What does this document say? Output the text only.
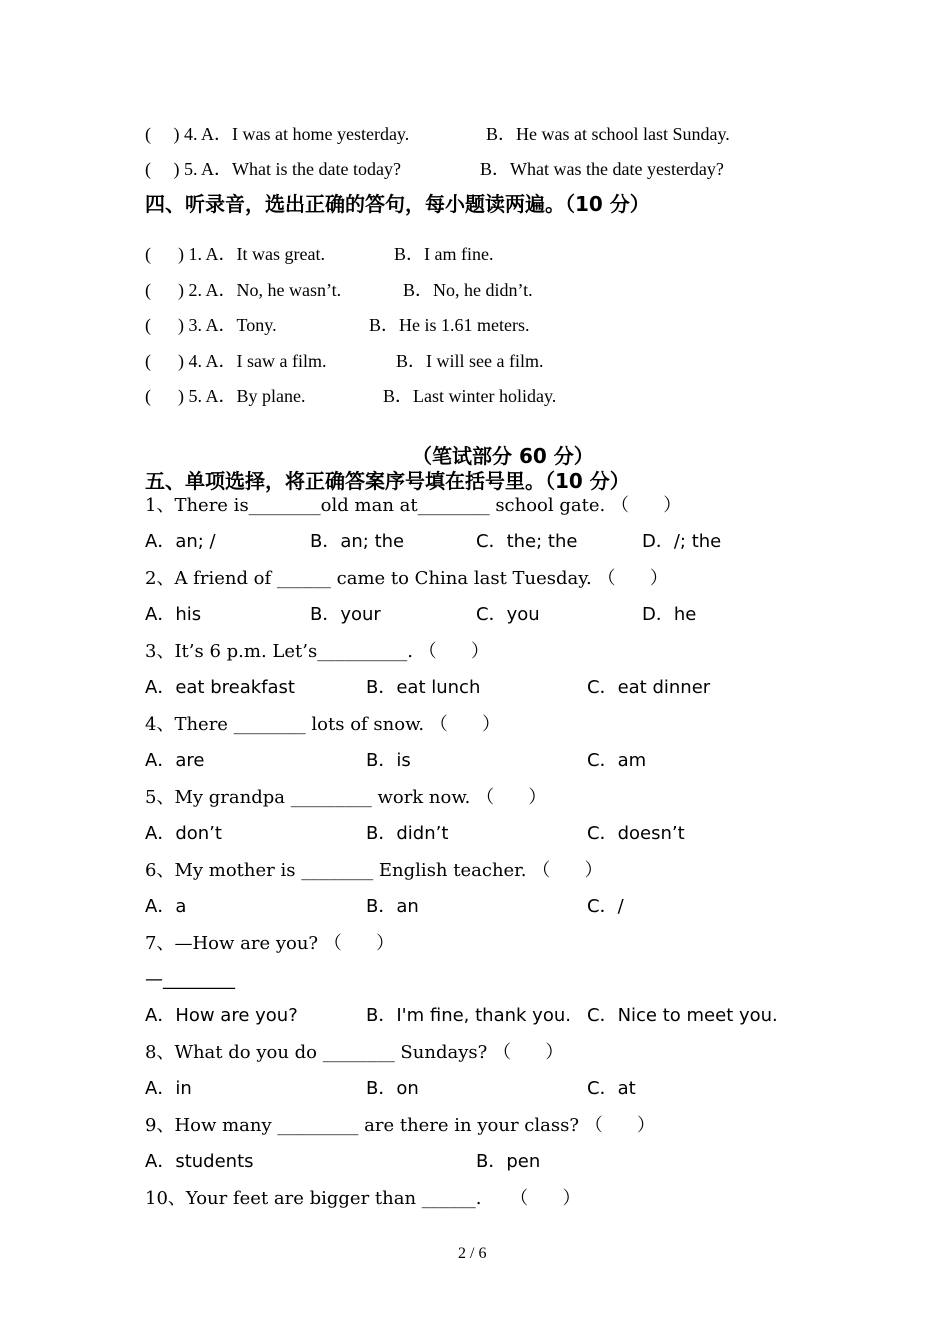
(     ) 4. A．I was at home yesterday.	B．He was at school last Sunday.
(     ) 5. A．What is the date today?	B．What was the date yesterday?
四、听录音，选出正确的答句，每小题读两遍。（10 分）
(      ) 1. A．It was great.	B．I am fine.
(      ) 2. A．No, he wasn’t.	B．No, he didn’t.
(      ) 3. A．Tony.	B．He is 1.61 meters.
(      ) 4. A．I saw a film.	B．I will see a film.
(      ) 5. A．By plane.	B．Last winter holiday.
（笔试部分 60 分）
五、单项选择，将正确答案序号填在括号里。（10 分）
1、There is________old man at________ school gate. （      ）
A．an; /	B．an; the	C．the; the	D．/; the
2、A friend of ______ came to China last Tuesday. （      ）
A．his	B．your	C．you	D．he
3、It’s 6 p.m. Let’s__________. （      ）
A．eat breakfast	B．eat lunch	C．eat dinner
4、There ________ lots of snow. （      ）
A．are	B．is	C．am
5、My grandpa _________ work now. （      ）
A．don’t	B．didn’t	C．doesn’t
6、My mother is ________ English teacher. （      ）
A．a	B．an	C．/
7、—How are you? （      ）
—________
A．How are you?	B．I'm fine, thank you. C．Nice to meet you.
8、What do you do ________ Sundays? （      ）
A．in	B．on	C．at
9、How many _________ are there in your class? （      ）
A．students	B．pen
10、Your feet are bigger than ______.     （      ）
2 / 6
